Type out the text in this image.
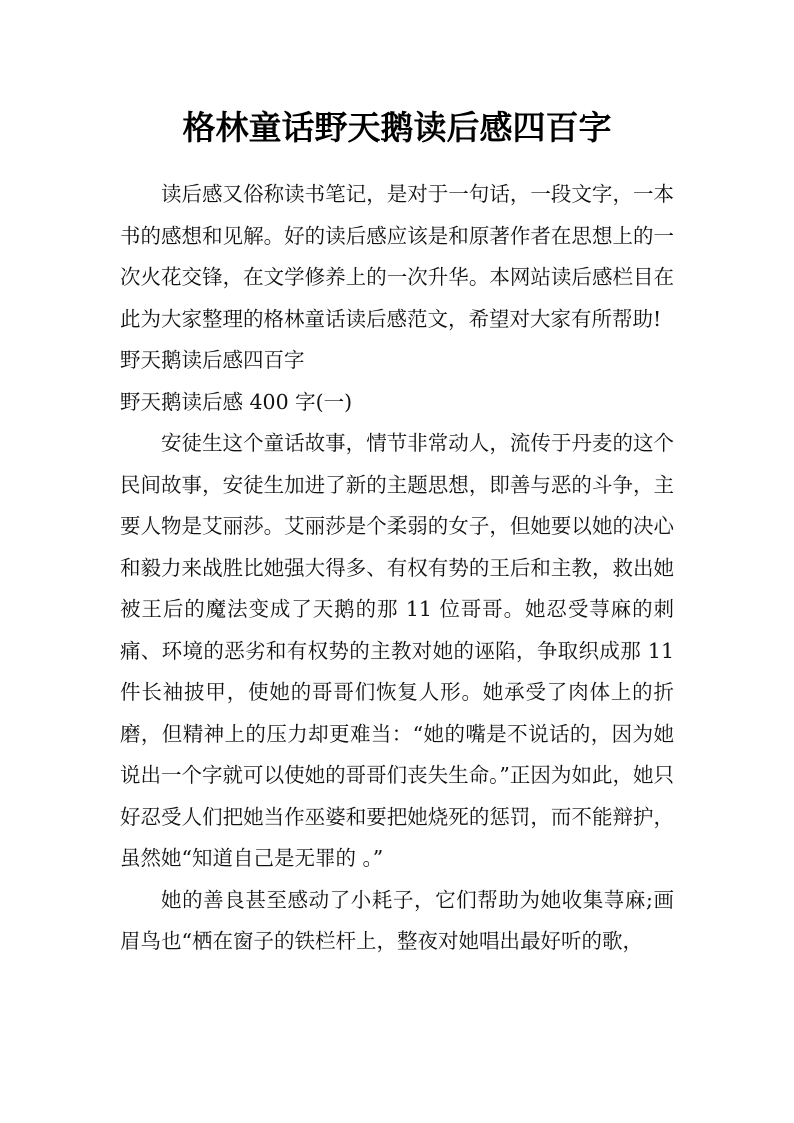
格林童话野天鹅读后感四百字

读后感又俗称读书笔记，是对于一句话，一段文字，一本书的感想和见解。好的读后感应该是和原著作者在思想上的一次火花交锋，在文学修养上的一次升华。本网站读后感栏目在此为大家整理的格林童话读后感范文，希望对大家有所帮助!

野天鹅读后感四百字

野天鹅读后感 400 字(一)

安徒生这个童话故事，情节非常动人，流传于丹麦的这个民间故事，安徒生加进了新的主题思想，即善与恶的斗争，主要人物是艾丽莎。艾丽莎是个柔弱的女子，但她要以她的决心和毅力来战胜比她强大得多、有权有势的王后和主教，救出她被王后的魔法变成了天鹅的那 11 位哥哥。她忍受荨麻的刺痛、环境的恶劣和有权势的主教对她的诬陷，争取织成那 11 件长袖披甲，使她的哥哥们恢复人形。她承受了肉体上的折磨，但精神上的压力却更难当：“她的嘴是不说话的，因为她说出一个字就可以使她的哥哥们丧失生命。”正因为如此，她只好忍受人们把她当作巫婆和要把她烧死的惩罚，而不能辩护，虽然她“知道自己是无罪的 。”

她的善良甚至感动了小耗子，它们帮助为她收集荨麻;画眉鸟也“栖在窗子的铁栏杆上，整夜对她唱出最好听的歌，
